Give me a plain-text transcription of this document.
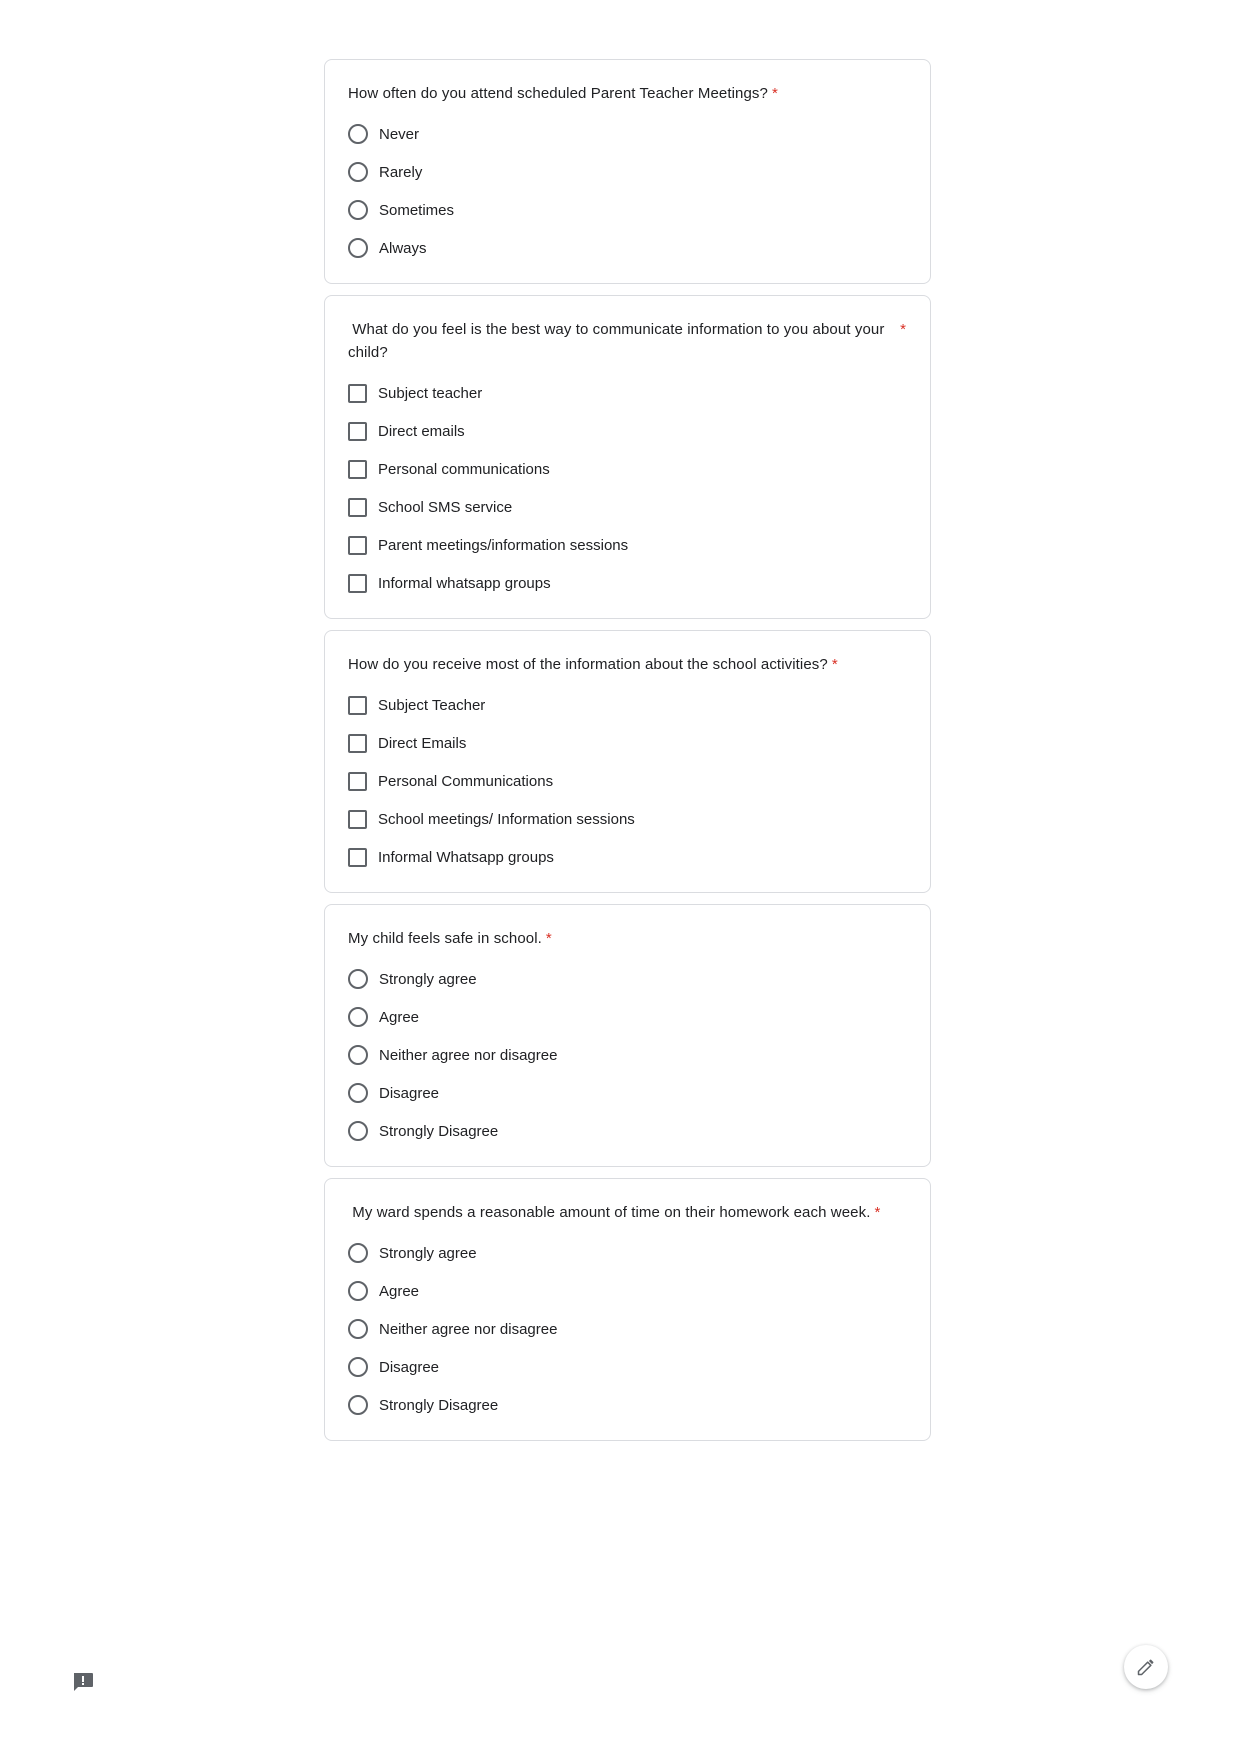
How often do you attend scheduled Parent Teacher Meetings? *
Never
Rarely
Sometimes
Always
What do you feel is the best way to communicate information to you about your child?
*
Subject teacher
Direct emails
Personal communications
School SMS service
Parent meetings/information sessions
Informal whatsapp groups
How do you receive most of the information about the school activities? *
Subject Teacher
Direct Emails
Personal Communications
School meetings/ Information sessions
Informal Whatsapp groups
My child feels safe in school. *
Strongly agree
Agree
Neither agree nor disagree
Disagree
Strongly Disagree
My ward spends a reasonable amount of time on their homework each week. *
Strongly agree
Agree
Neither agree nor disagree
Disagree
Strongly Disagree
